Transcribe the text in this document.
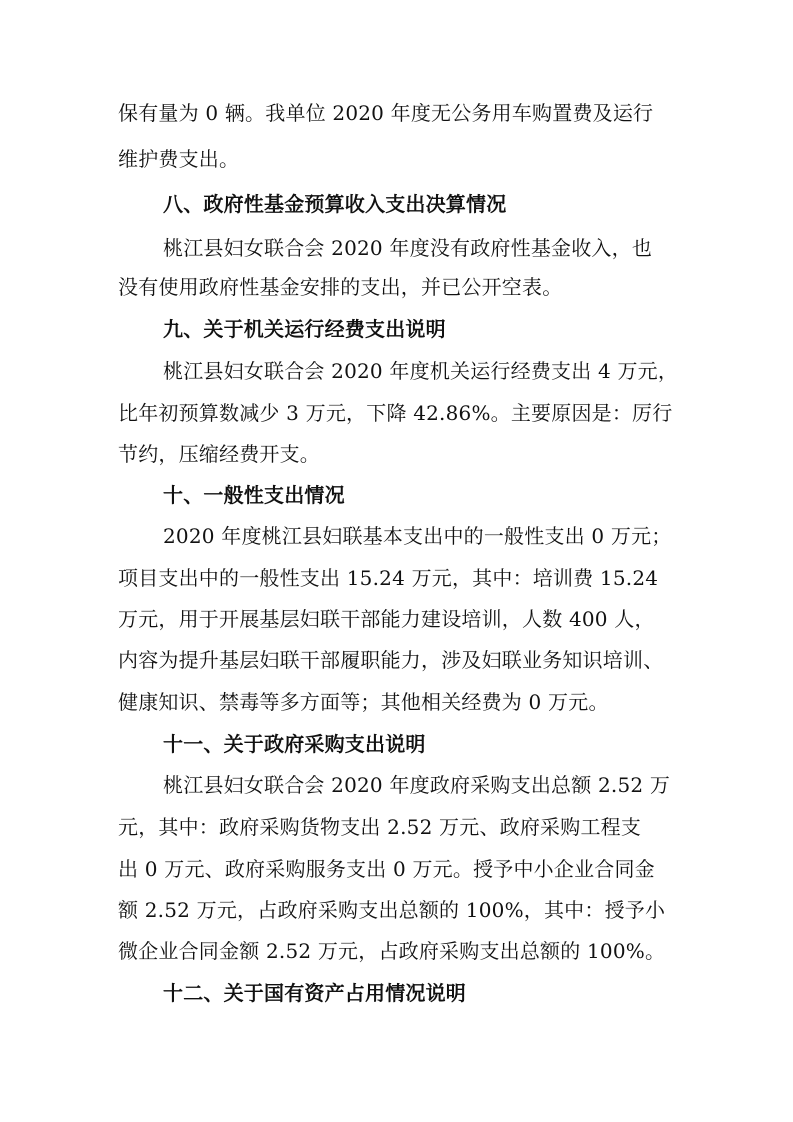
保有量为 0 辆。我单位 2020 年度无公务用车购置费及运行
维护费支出。
八、政府性基金预算收入支出决算情况
桃江县妇女联合会 2020 年度没有政府性基金收入，也
没有使用政府性基金安排的支出，并已公开空表。
九、关于机关运行经费支出说明
桃江县妇女联合会 2020 年度机关运行经费支出 4 万元，
比年初预算数减少 3 万元，下降 42.86%。主要原因是：厉行
节约，压缩经费开支。
十、一般性支出情况
2020 年度桃江县妇联基本支出中的一般性支出 0 万元；
项目支出中的一般性支出 15.24 万元，其中：培训费 15.24
万元，用于开展基层妇联干部能力建设培训，人数 400 人，
内容为提升基层妇联干部履职能力，涉及妇联业务知识培训、
健康知识、禁毒等多方面等；其他相关经费为 0 万元。
十一、关于政府采购支出说明
桃江县妇女联合会 2020 年度政府采购支出总额 2.52 万
元，其中：政府采购货物支出 2.52 万元、政府采购工程支
出 0 万元、政府采购服务支出 0 万元。授予中小企业合同金
额 2.52 万元，占政府采购支出总额的 100%，其中：授予小
微企业合同金额 2.52 万元，占政府采购支出总额的 100%。
十二、关于国有资产占用情况说明
